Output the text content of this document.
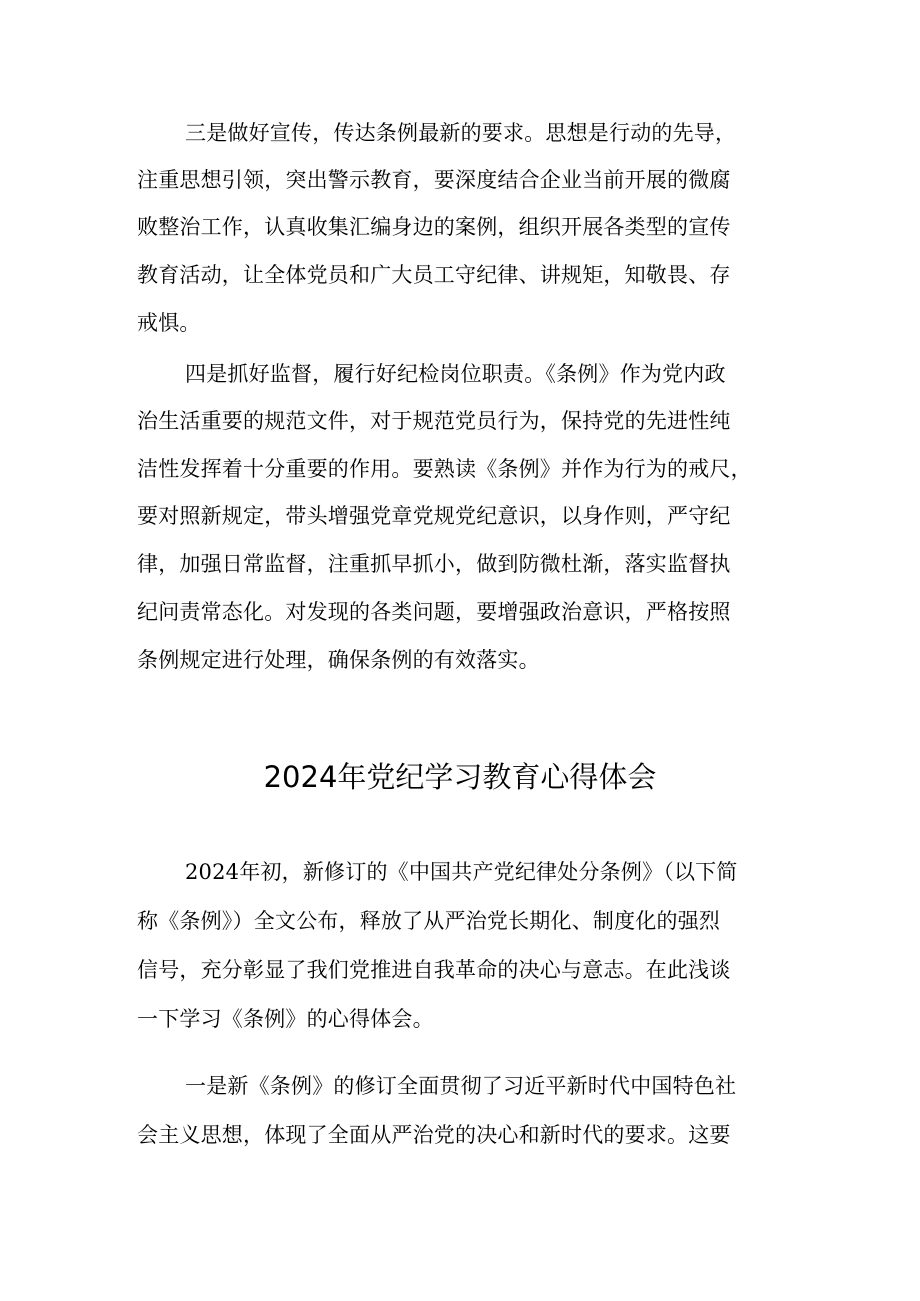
三是做好宣传，传达条例最新的要求。思想是行动的先导，
注重思想引领，突出警示教育，要深度结合企业当前开展的微腐
败整治工作，认真收集汇编身边的案例，组织开展各类型的宣传
教育活动，让全体党员和广大员工守纪律、讲规矩，知敬畏、存
戒惧。
四是抓好监督，履行好纪检岗位职责。《条例》作为党内政
治生活重要的规范文件，对于规范党员行为，保持党的先进性纯
洁性发挥着十分重要的作用。要熟读《条例》并作为行为的戒尺，
要对照新规定，带头增强党章党规党纪意识，以身作则，严守纪
律，加强日常监督，注重抓早抓小，做到防微杜渐，落实监督执
纪问责常态化。对发现的各类问题，要增强政治意识，严格按照
条例规定进行处理，确保条例的有效落实。
2024年党纪学习教育心得体会
2024年初，新修订的《中国共产党纪律处分条例》（以下简
称《条例》）全文公布，释放了从严治党长期化、制度化的强烈
信号，充分彰显了我们党推进自我革命的决心与意志。在此浅谈
一下学习《条例》的心得体会。
一是新《条例》的修订全面贯彻了习近平新时代中国特色社
会主义思想，体现了全面从严治党的决心和新时代的要求。这要
